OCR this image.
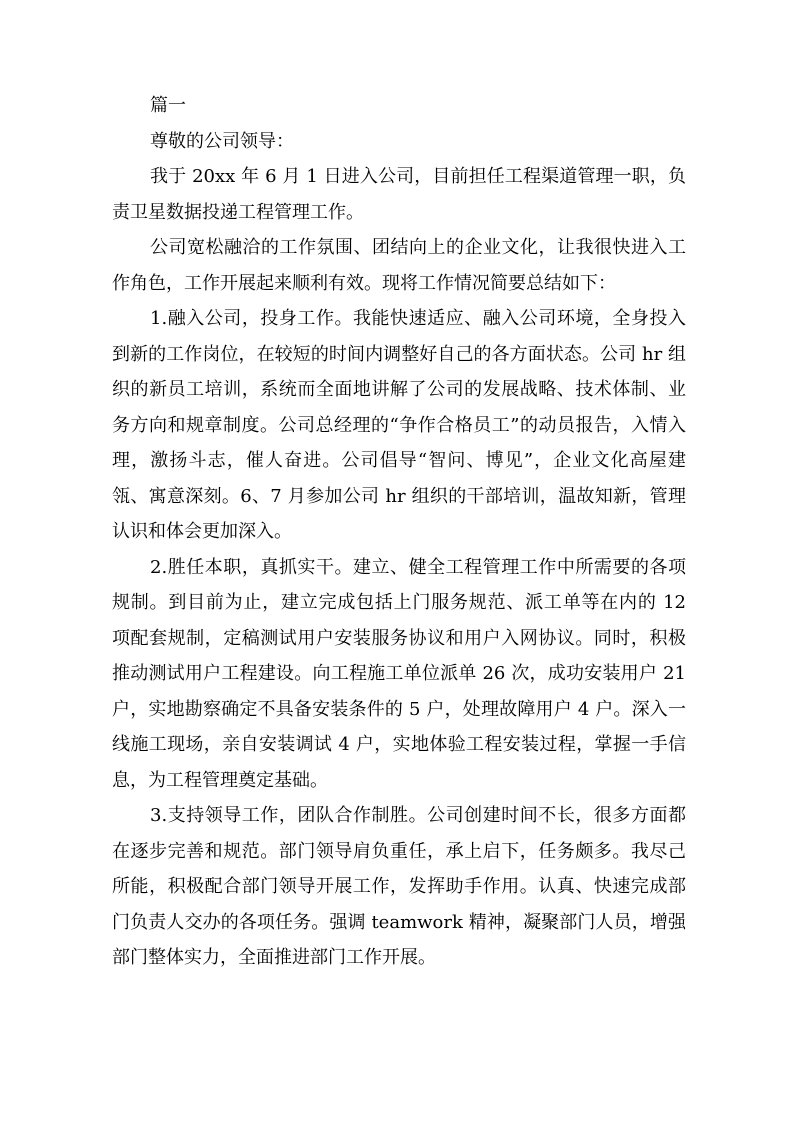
篇一

尊敬的公司领导：

我于 20xx 年 6 月 1 日进入公司，目前担任工程渠道管理一职，负责卫星数据投递工程管理工作。

公司宽松融洽的工作氛围、团结向上的企业文化，让我很快进入工作角色，工作开展起来顺利有效。现将工作情况简要总结如下：

1.融入公司，投身工作。我能快速适应、融入公司环境，全身投入到新的工作岗位，在较短的时间内调整好自己的各方面状态。公司 hr 组织的新员工培训，系统而全面地讲解了公司的发展战略、技术体制、业务方向和规章制度。公司总经理的“争作合格员工”的动员报告，入情入理，激扬斗志，催人奋进。公司倡导“智问、博见”，企业文化高屋建瓴、寓意深刻。6、7 月参加公司 hr 组织的干部培训，温故知新，管理认识和体会更加深入。

2.胜任本职，真抓实干。建立、健全工程管理工作中所需要的各项规制。到目前为止，建立完成包括上门服务规范、派工单等在内的 12 项配套规制，定稿测试用户安装服务协议和用户入网协议。同时，积极推动测试用户工程建设。向工程施工单位派单 26 次，成功安装用户 21 户，实地勘察确定不具备安装条件的 5 户，处理故障用户 4 户。深入一线施工现场，亲自安装调试 4 户，实地体验工程安装过程，掌握一手信息，为工程管理奠定基础。

3.支持领导工作，团队合作制胜。公司创建时间不长，很多方面都在逐步完善和规范。部门领导肩负重任，承上启下，任务颇多。我尽己所能，积极配合部门领导开展工作，发挥助手作用。认真、快速完成部门负责人交办的各项任务。强调 teamwork 精神，凝聚部门人员，增强部门整体实力，全面推进部门工作开展。
